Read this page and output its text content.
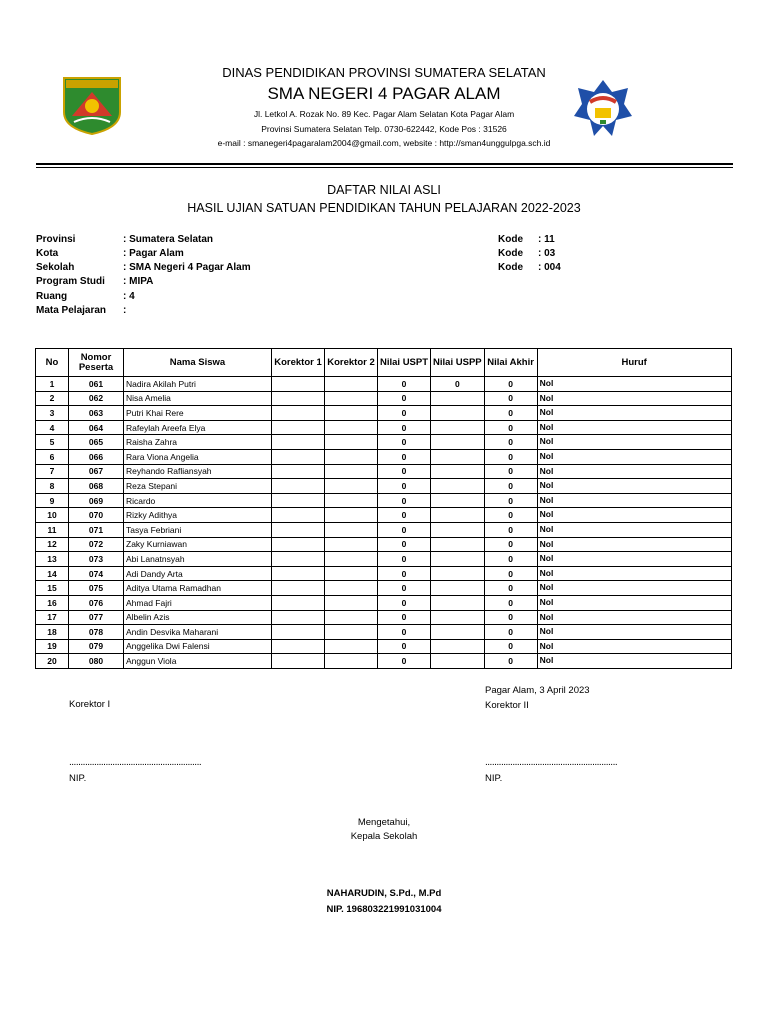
DINAS PENDIDIKAN PROVINSI SUMATERA SELATAN
SMA NEGERI 4 PAGAR ALAM
Jl. Letkol A. Rozak No. 89 Kec. Pagar Alam Selatan Kota Pagar Alam
Provinsi Sumatera Selatan Telp. 0730-622442, Kode Pos : 31526
e-mail : smanegeri4pagaralam2004@gmail.com, website : http://sman4unggulpga.sch.id
DAFTAR NILAI ASLI
HASIL UJIAN SATUAN PENDIDIKAN TAHUN PELAJARAN 2022-2023
Provinsi	: Sumatera Selatan
Kota	: Pagar Alam
Sekolah	: SMA Negeri 4 Pagar Alam
Program Studi : MIPA
Ruang	: 4
Mata Pelajaran :
Kode : 11
Kode : 03
Kode : 004
No	Nomor Peserta	Nama Siswa	Korektor 1	Korektor 2	Nilai USPT	Nilai USPP	Nilai Akhir	Huruf
1	061	Nadira Akilah Putri			0	0	0	Nol
2	062	Nisa Amelia			0		0	Nol
3	063	Putri Khai Rere			0		0	Nol
4	064	Rafeylah Areefa Elya			0		0	Nol
5	065	Raisha Zahra			0		0	Nol
6	066	Rara Viona Angelia			0		0	Nol
7	067	Reyhando Rafliansyah			0		0	Nol
8	068	Reza Stepani			0		0	Nol
9	069	Ricardo			0		0	Nol
10	070	Rizky Adithya			0		0	Nol
11	071	Tasya Febriani			0		0	Nol
12	072	Zaky Kurniawan			0		0	Nol
13	073	Abi Lanatnsyah			0		0	Nol
14	074	Adi Dandy Arta			0		0	Nol
15	075	Aditya Utama Ramadhan			0		0	Nol
16	076	Ahmad Fajri			0		0	Nol
17	077	Albelin Azis			0		0	Nol
18	078	Andin Desvika Maharani			0		0	Nol
19	079	Anggelika Dwi Falensi			0		0	Nol
20	080	Anggun Viola			0		0	Nol
Pagar Alam, 3 April 2023
Korektor I	Korektor II
..........................................................	..........................................................
NIP.	NIP.
Mengetahui,
Kepala Sekolah
NAHARUDIN, S.Pd., M.Pd
NIP. 196803221991031004
